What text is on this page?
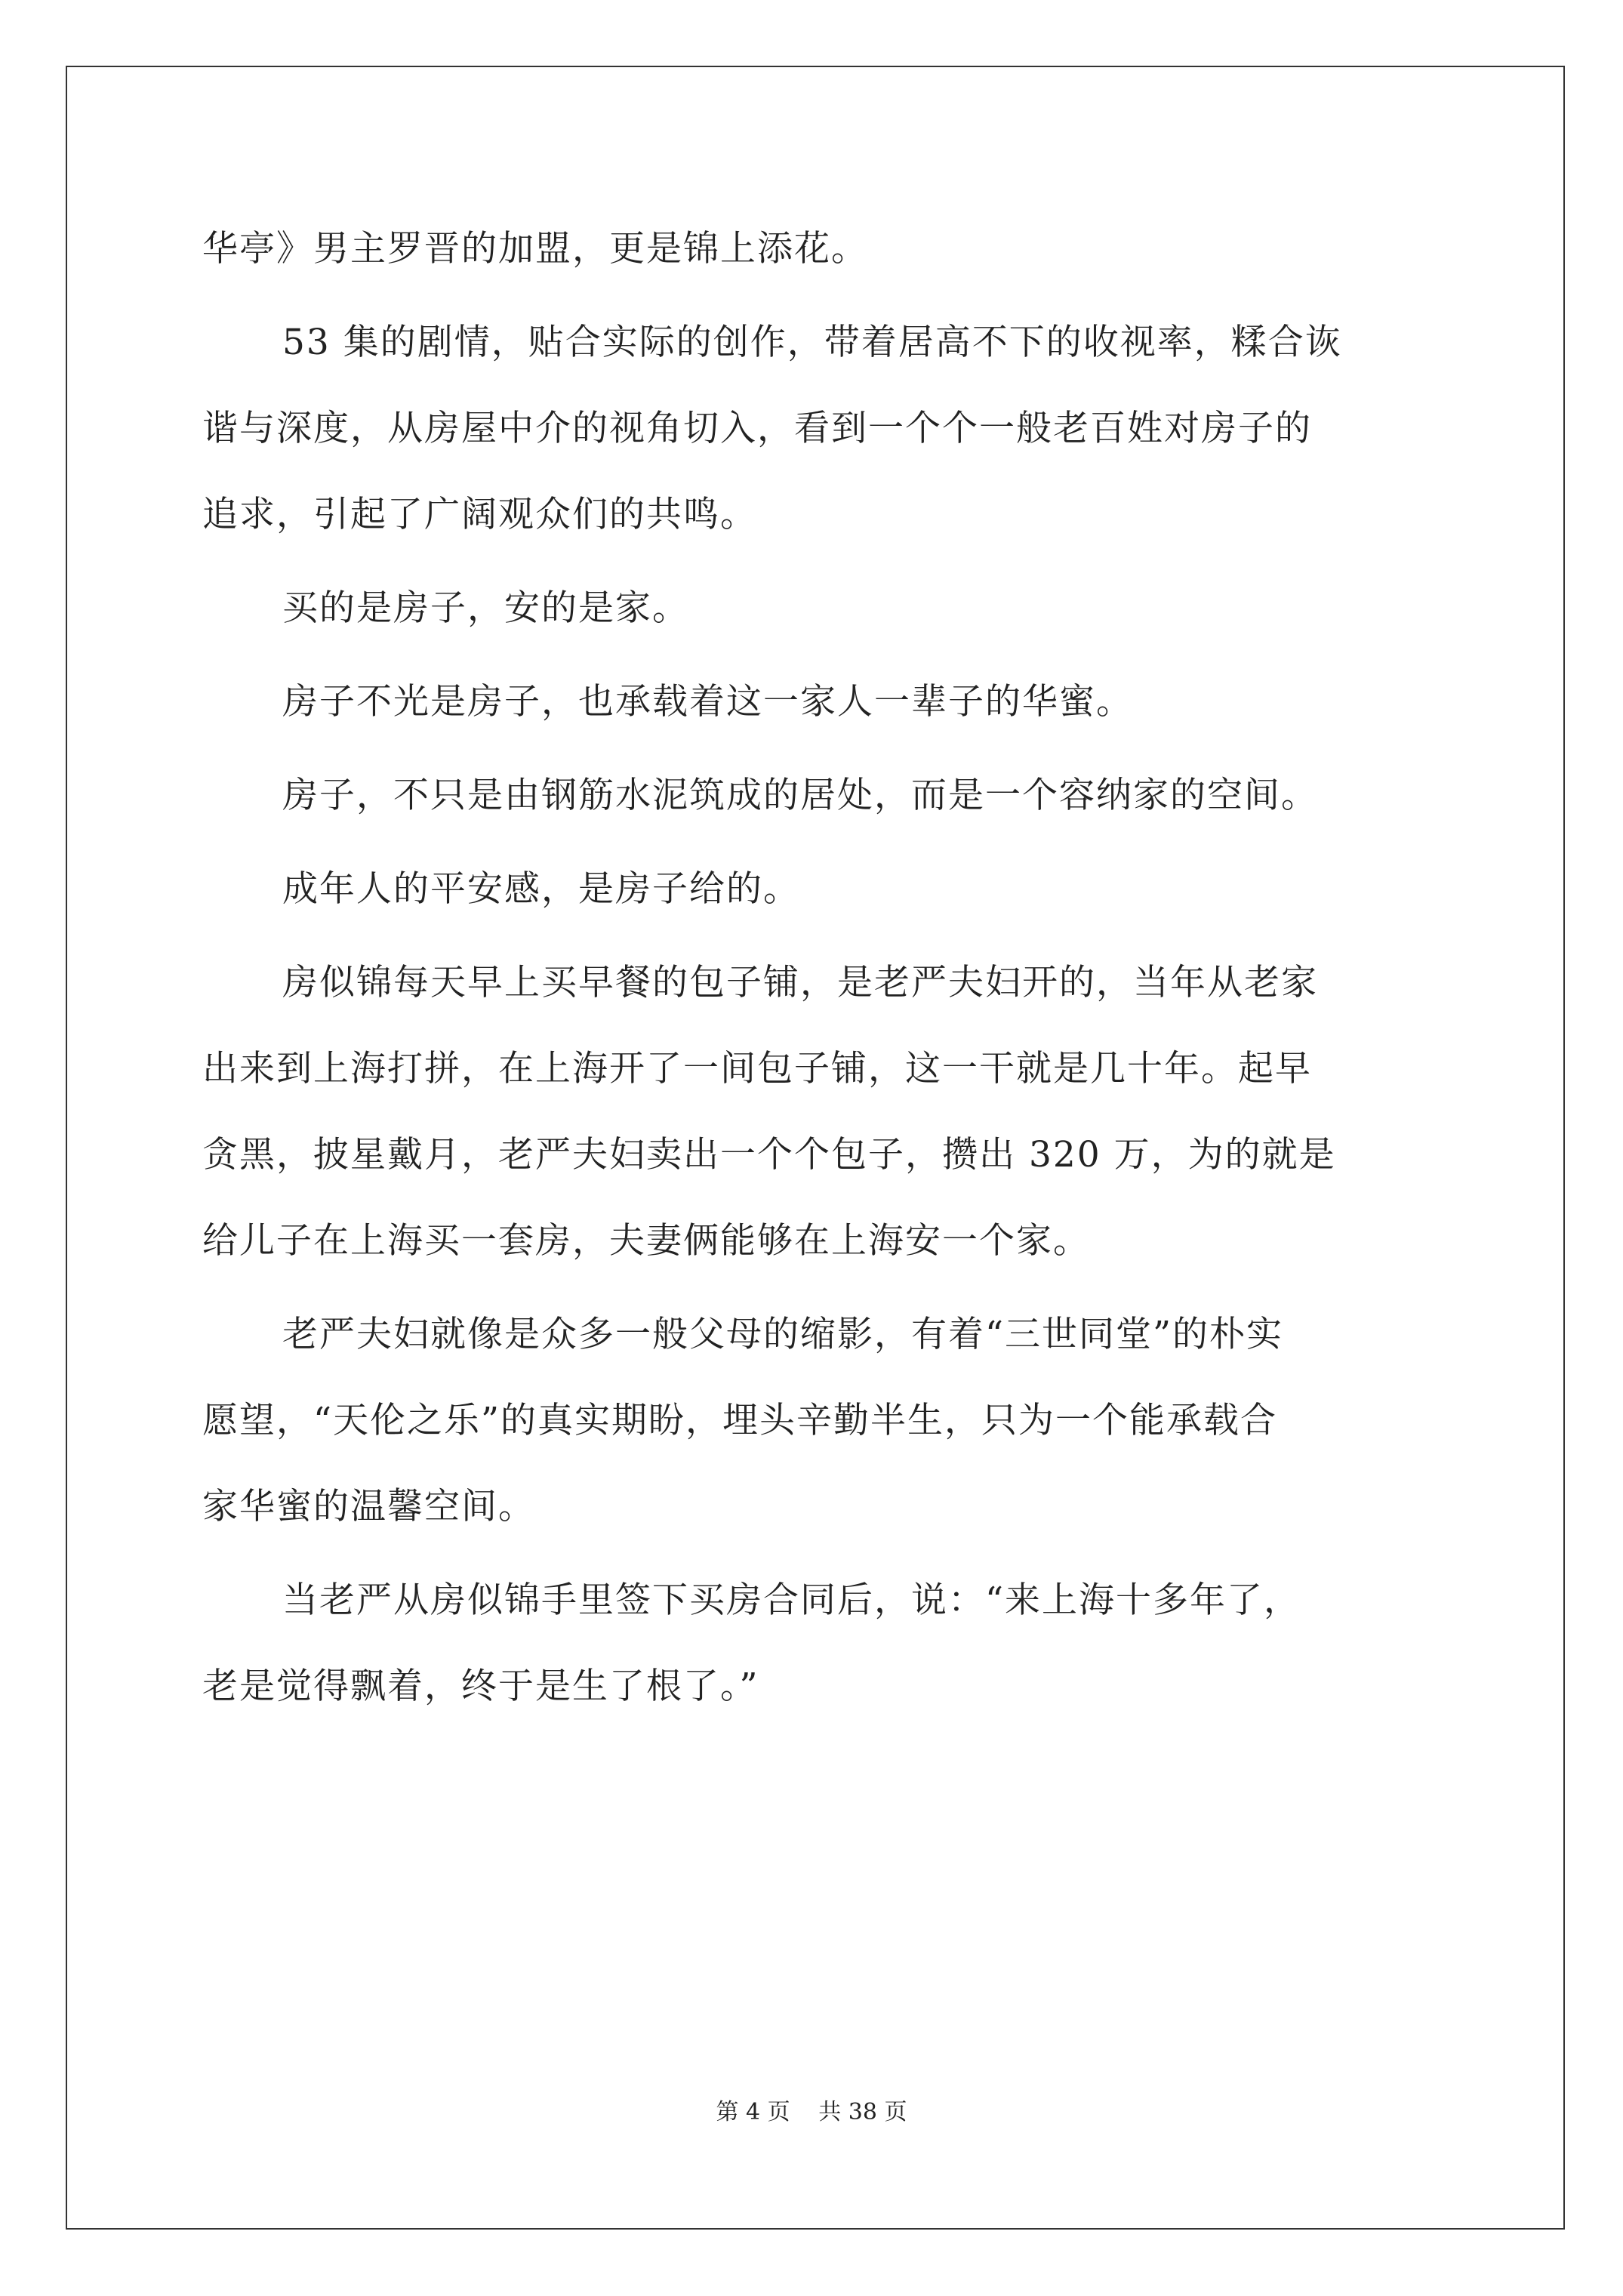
华亭》男主罗晋的加盟，更是锦上添花。
53 集的剧情，贴合实际的创作，带着居高不下的收视率，糅合诙
谐与深度，从房屋中介的视角切入，看到一个个一般老百姓对房子的
追求，引起了广阔观众们的共鸣。
买的是房子，安的是家。
房子不光是房子，也承载着这一家人一辈子的华蜜。
房子，不只是由钢筋水泥筑成的居处，而是一个容纳家的空间。
成年人的平安感，是房子给的。
房似锦每天早上买早餐的包子铺，是老严夫妇开的，当年从老家
出来到上海打拼，在上海开了一间包子铺，这一干就是几十年。起早
贪黑，披星戴月，老严夫妇卖出一个个包子，攒出 320 万，为的就是
给儿子在上海买一套房，夫妻俩能够在上海安一个家。
老严夫妇就像是众多一般父母的缩影，有着“三世同堂”的朴实
愿望，“天伦之乐”的真实期盼，埋头辛勤半生，只为一个能承载合
家华蜜的温馨空间。
当老严从房似锦手里签下买房合同后，说：“来上海十多年了，
老是觉得飘着，终于是生了根了。”
第 4 页 共 38 页
